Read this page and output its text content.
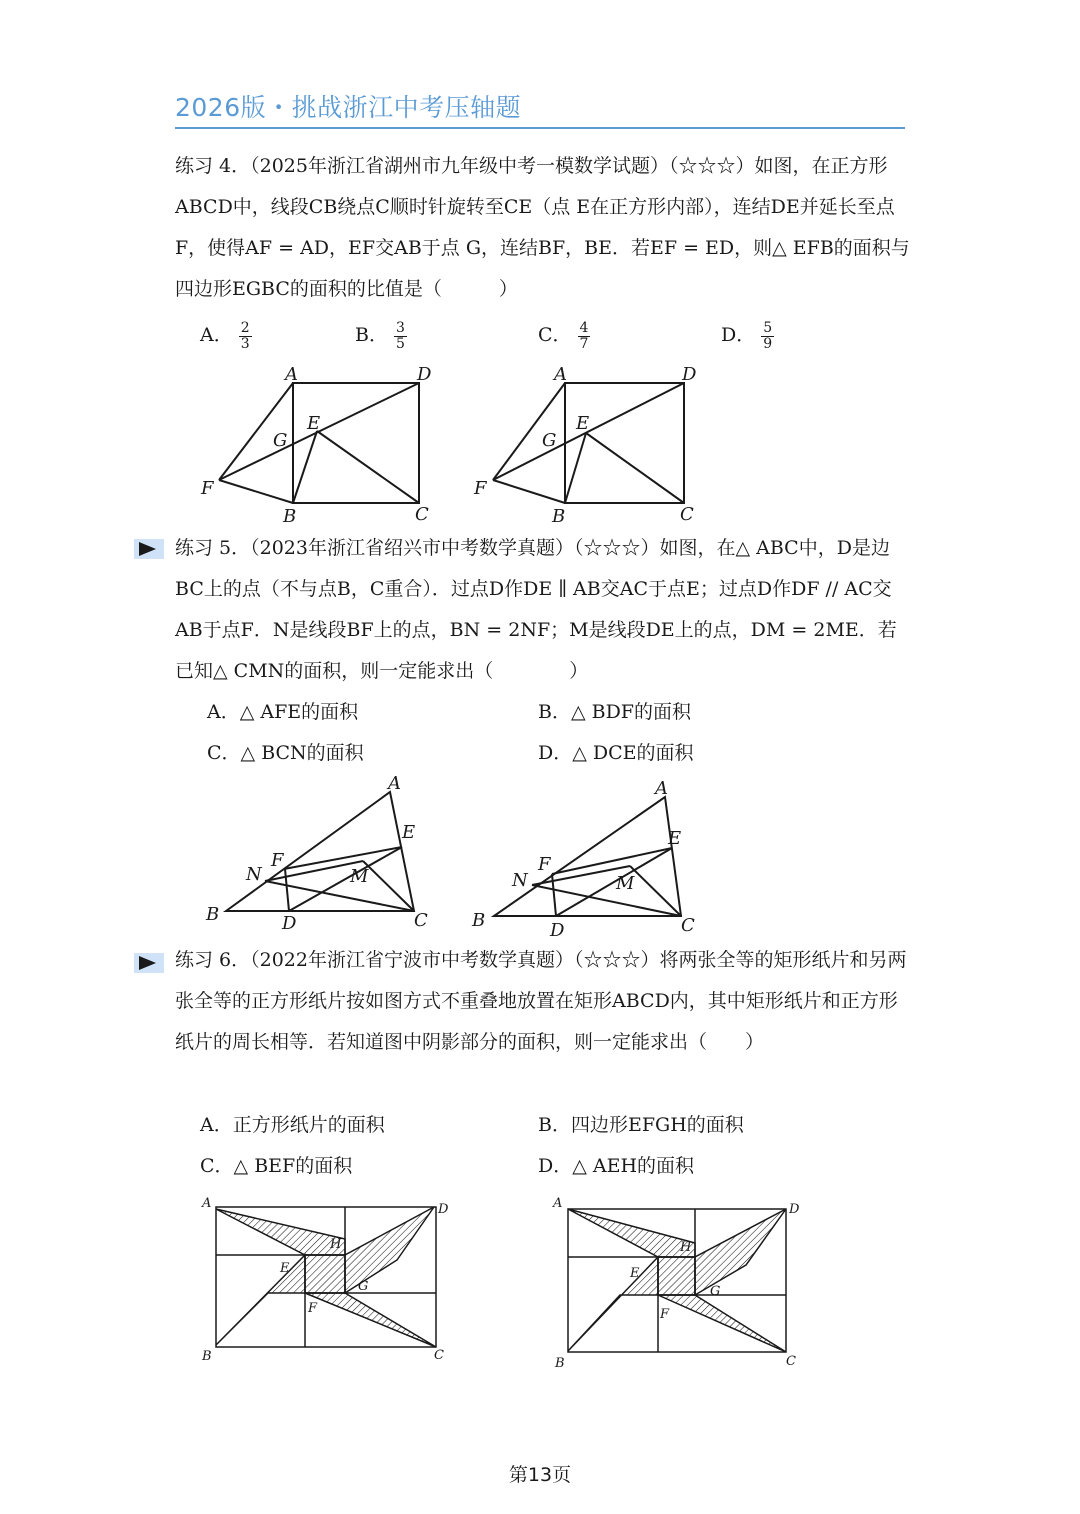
2026版・挑战浙江中考压轴题
练习 4．（2025年浙江省湖州市九年级中考一模数学试题）（☆☆☆）如图，在正方形ABCD中，线段CB绕点C顺时针旋转至CE（点 E在正方形内部），连结DE并延长至点 F，使得AF = AD，EF交AB于点 G，连结BF，BE．若EF = ED，则△ EFB的面积与四边形EGBC的面积的比值是（　　　）
A． $\frac{2}{3}$	B． $\frac{3}{5}$	C． $\frac{4}{7}$	D． $\frac{5}{9}$
A	D
E
G
F
B	C
A	D
E
G
F
B	C
练习 5．（2023年浙江省绍兴市中考数学真题）（☆☆☆）如图，在△ ABC中，D是边BC上的点（不与点B，C重合）．过点D作DE ∥ AB交AC于点E；过点D作DF // AC交AB于点F．N是线段BF上的点，BN = 2NF；M是线段DE上的点，DM = 2ME．若已知△ CMN的面积，则一定能求出（　　　　）
A．△ AFE的面积	B．△ BDF的面积
C．△ BCN的面积	D．△ DCE的面积
A
E
F
N	M
B	D	C
A
E
F
N	M
B	D	C
练习 6．（2022年浙江省宁波市中考数学真题）（☆☆☆）将两张全等的矩形纸片和另两张全等的正方形纸片按如图方式不重叠地放置在矩形ABCD内，其中矩形纸片和正方形纸片的周长相等．若知道图中阴影部分的面积，则一定能求出（　　）
A．正方形纸片的面积	B．四边形EFGH的面积
C．△ BEF的面积	D．△ AEH的面积
A	D
H
E
G
F
B	C
A	D
H
E
G
F
B	C
第13页
